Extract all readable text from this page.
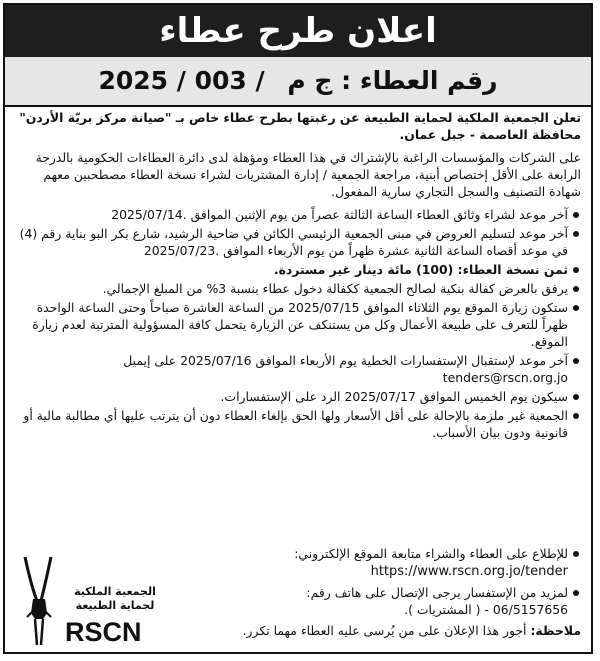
اعلان طرح عطاء
رقم العطاء : ج م 2025 / 003 /

تعلن الجمعية الملكية لحماية الطبيعة عن رغبتها بطرح عطاء خاص بـ "صيانة مركز بريّة الأردن" محافظة العاصمة - جبل عمان.

على الشركات والمؤسسات الراغبة بالإشتراك في هذا العطاء ومؤهلة لدى دائرة العطاءات الحكومية بالدرجة الرابعة على الأقل إختصاص أبنية، مراجعة الجمعية / إدارة المشتريات لشراء نسخة العطاء مصطحبين معهم شهادة التصنيف والسجل التجاري سارية المفعول.

آخر موعد لشراء وثائق العطاء الساعة الثالثة عصراً من يوم الإثنين الموافق 2025/07/14.
آخر موعد لتسليم العروض في مبنى الجمعية الرئيسي الكائن في ضاحية الرشيد، شارع بكر البو بناية رقم (4) في موعد أقصاه الساعة الثانية عشرة ظهراً من يوم الأربعاء الموافق 2025/07/23.
ثمن نسخة العطاء: (100) مائة دينار غير مستردة.
يرفق بالعرض كفالة بنكية لصالح الجمعية ككفالة دخول عطاء بنسبة 3% من المبلغ الإجمالي.
ستكون زيارة الموقع يوم الثلاثاء الموافق 2025/07/15 من الساعة العاشرة صباحاً وحتى الساعة الواحدة ظهراً للتعرف على طبيعة الأعمال وكل من يستنكف عن الزيارة يتحمل كافة المسؤولية المترتبة لعدم زيارة الموقع.
آخر موعد لإستقبال الإستفسارات الخطية يوم الأربعاء الموافق 2025/07/16 على إيميل tenders@rscn.org.jo
سيكون يوم الخميس الموافق 2025/07/17 الرد على الإستفسارات.
الجمعية غير ملزمة بالإحالة على أقل الأسعار ولها الحق بإلغاء العطاء دون أن يترتب عليها أي مطالبة مالية أو قانونية ودون بيان الأسباب.
الجمعية الملكية
لحماية الطبيعة
RSCN
للإطلاع على العطاء والشراء متابعة الموقع الإلكتروني:
https://www.rscn.org.jo/tender
لمزيد من الإستفسار يرجى الإتصال على هاتف رقم:
06/5157656 - ( المشتريات ).
ملاحظة: أجور هذا الإعلان على من يُرسى عليه العطاء مهما تكرر.
